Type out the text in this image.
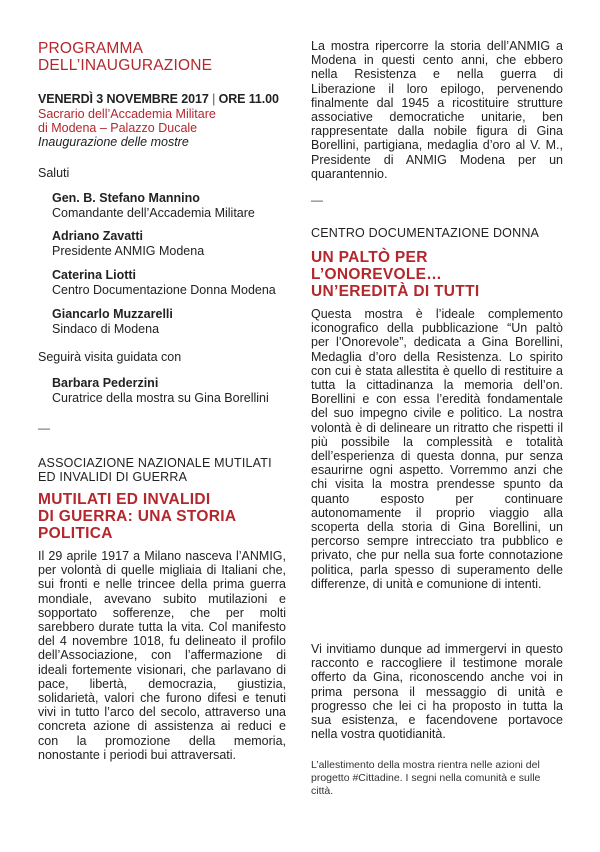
PROGRAMMA
DELL’INAUGURAZIONE
VENERDÌ 3 NOVEMBRE 2017 | ORE 11.00
Sacrario dell’Accademia Militare
di Modena – Palazzo Ducale
Inaugurazione delle mostre
Saluti
Gen. B. Stefano Mannino
Comandante dell’Accademia Militare
Adriano Zavatti
Presidente ANMIG Modena
Caterina Liotti
Centro Documentazione Donna Modena
Giancarlo Muzzarelli
Sindaco di Modena
Seguirà visita guidata con
Barbara Pederzini
Curatrice della mostra su Gina Borellini
—
ASSOCIAZIONE NAZIONALE MUTILATI
ED INVALIDI DI GUERRA
MUTILATI ED INVALIDI
DI GUERRA: UNA STORIA
POLITICA
Il 29 aprile 1917 a Milano nasceva l’ANMIG, per volontà di quelle migliaia di Italiani che, sui fronti e nelle trincee della prima guerra mondiale, avevano subito mutilazioni e sopportato sofferenze, che per molti sarebbero durate tutta la vita. Col manifesto del 4 novembre 1018, fu delineato il profilo dell’Associazione, con l’affermazione di ideali fortemente visionari, che parlavano di pace, libertà, democrazia, giustizia, solidarietà, valori che furono difesi e tenuti vivi in tutto l’arco del secolo, attraverso una concreta azione di assistenza ai reduci e con la promozione della memoria, nonostante i periodi bui attraversati.
La mostra ripercorre la storia dell’ANMIG a Modena in questi cento anni, che ebbero nella Resistenza e nella guerra di Liberazione il loro epilogo, pervenendo finalmente dal 1945 a ricostituire strutture associative democratiche unitarie, ben rappresentate dalla nobile figura di Gina Borellini, partigiana, medaglia d’oro al V. M., Presidente di ANMIG Modena per un quarantennio.
—
CENTRO DOCUMENTAZIONE DONNA
UN PALTÒ PER
L’ONOREVOLE…
UN’EREDITÀ DI TUTTI
Questa mostra è l’ideale complemento iconografico della pubblicazione “Un paltò per l’Onorevole”, dedicata a Gina Borellini, Medaglia d’oro della Resistenza. Lo spirito con cui è stata allestita è quello di restituire a tutta la cittadinanza la memoria dell’on. Borellini e con essa l’eredità fondamentale del suo impegno civile e politico. La nostra volontà è di delineare un ritratto che rispetti il più possibile la complessità e totalità dell’esperienza di questa donna, pur senza esaurirne ogni aspetto. Vorremmo anzi che chi visita la mostra prendesse spunto da quanto esposto per continuare autonomamente il proprio viaggio alla scoperta della storia di Gina Borellini, un percorso sempre intrecciato tra pubblico e privato, che pur nella sua forte connotazione politica, parla spesso di superamento delle differenze, di unità e comunione di intenti.
Vi invitiamo dunque ad immergervi in questo racconto e raccogliere il testimone morale offerto da Gina, riconoscendo anche voi in prima persona il messaggio di unità e progresso che lei ci ha proposto in tutta la sua esistenza, e facendovene portavoce nella vostra quotidianità.
L’allestimento della mostra rientra nelle azioni del progetto #Cittadine. I segni nella comunità e sulle città.
